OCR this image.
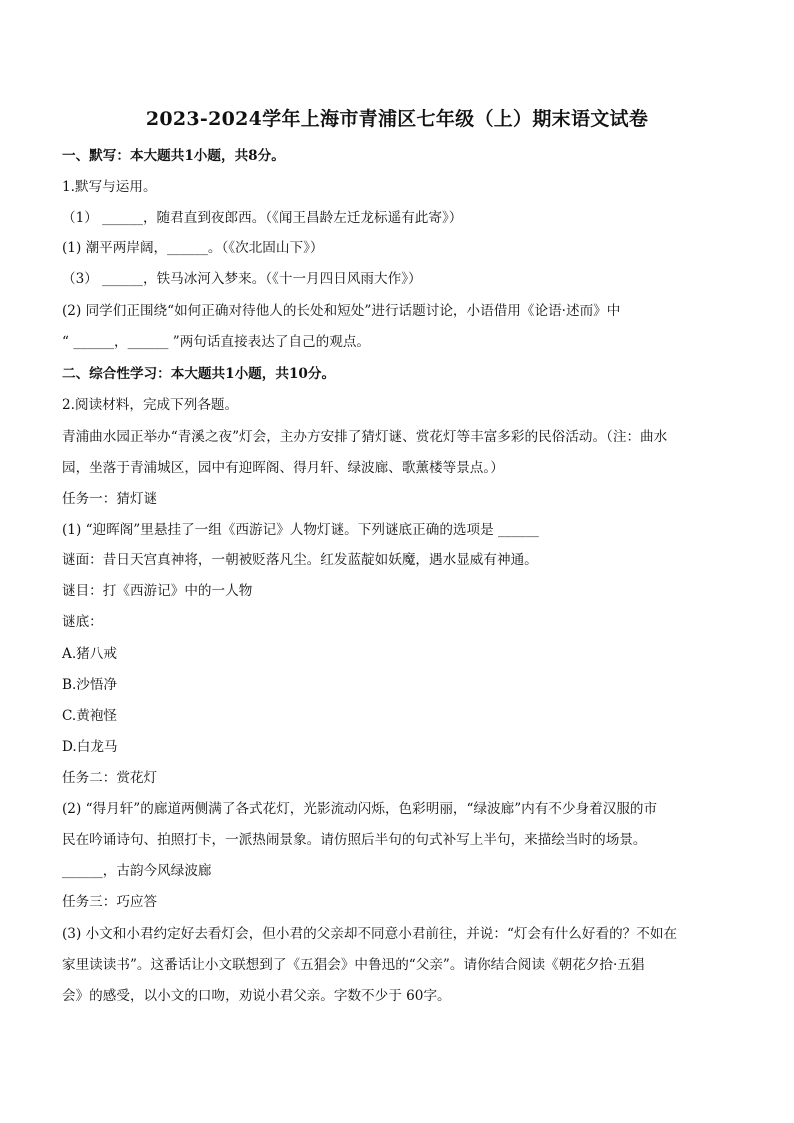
2023-2024学年上海市青浦区七年级（上）期末语文试卷
一、默写：本大题共1小题，共8分。
1.默写与运用。
（1） ______，随君直到夜郎西。（《闻王昌龄左迁龙标遥有此寄》）
(1) 潮平两岸阔，______。（《次北固山下》）
（3） ______，铁马冰河入梦来。（《十一月四日风雨大作》）
(2) 同学们正围绕“如何正确对待他人的长处和短处”进行话题讨论，小语借用《论语·述而》中
“ ______，______ ”两句话直接表达了自己的观点。
二、综合性学习：本大题共1小题，共10分。
2.阅读材料，完成下列各题。
青浦曲水园正举办“青溪之夜”灯会，主办方安排了猜灯谜、赏花灯等丰富多彩的民俗活动。（注：曲水
园，坐落于青浦城区，园中有迎晖阁、得月轩、绿波廊、歌薰楼等景点。）
任务一：猜灯谜
(1) “迎晖阁”里悬挂了一组《西游记》人物灯谜。下列谜底正确的选项是 ______
谜面：昔日天宫真神将，一朝被贬落凡尘。红发蓝靛如妖魔，遇水显威有神通。
谜目：打《西游记》中的一人物
谜底：
A.猪八戒
B.沙悟净
C.黄袍怪
D.白龙马
任务二：赏花灯
(2) “得月轩”的廊道两侧满了各式花灯，光影流动闪烁，色彩明丽，“绿波廊”内有不少身着汉服的市
民在吟诵诗句、拍照打卡，一派热闹景象。请仿照后半句的句式补写上半句，来描绘当时的场景。
______，古韵今风绿波廊
任务三：巧应答
(3) 小文和小君约定好去看灯会，但小君的父亲却不同意小君前往，并说：“灯会有什么好看的？不如在
家里读读书”。这番话让小文联想到了《五猖会》中鲁迅的“父亲”。请你结合阅读《朝花夕拾·五猖
会》的感受，以小文的口吻，劝说小君父亲。字数不少于 60字。
